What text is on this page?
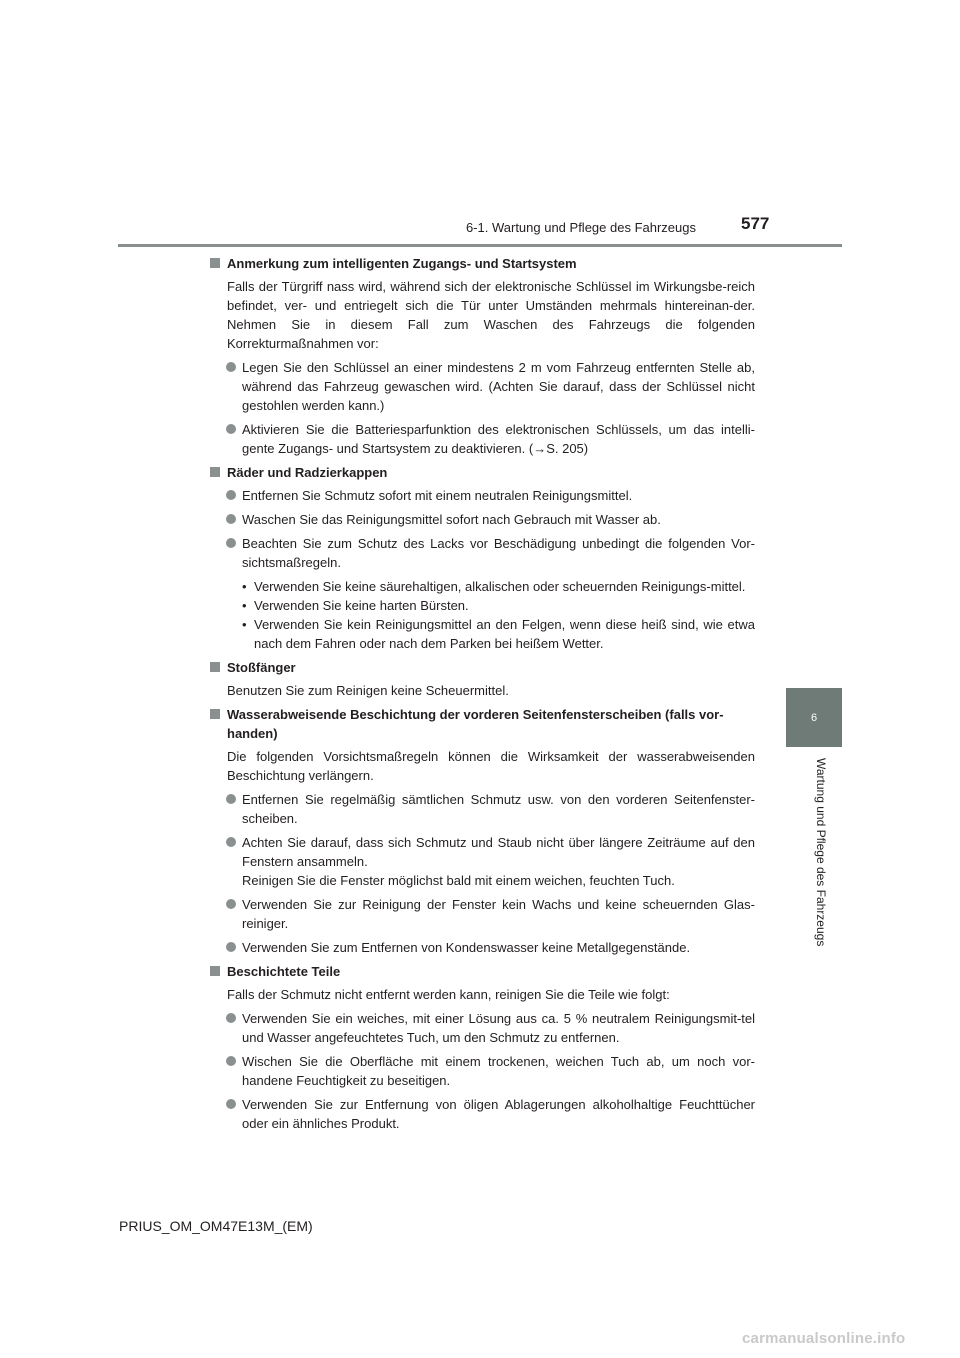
6-1. Wartung und Pflege des Fahrzeugs	577
6
Wartung und Pflege des Fahrzeugs
Anmerkung zum intelligenten Zugangs- und Startsystem
Falls der Türgriff nass wird, während sich der elektronische Schlüssel im Wirkungsbe-reich befindet, ver- und entriegelt sich die Tür unter Umständen mehrmals hintereinan-der. Nehmen Sie in diesem Fall zum Waschen des Fahrzeugs die folgenden Korrekturmaßnahmen vor:
Legen Sie den Schlüssel an einer mindestens 2 m vom Fahrzeug entfernten Stelle ab, während das Fahrzeug gewaschen wird. (Achten Sie darauf, dass der Schlüssel nicht gestohlen werden kann.)
Aktivieren Sie die Batteriesparfunktion des elektronischen Schlüssels, um das intelli-gente Zugangs- und Startsystem zu deaktivieren. (→S. 205)
Räder und Radzierkappen
Entfernen Sie Schmutz sofort mit einem neutralen Reinigungsmittel.
Waschen Sie das Reinigungsmittel sofort nach Gebrauch mit Wasser ab.
Beachten Sie zum Schutz des Lacks vor Beschädigung unbedingt die folgenden Vor-sichtsmaßregeln.
• Verwenden Sie keine säurehaltigen, alkalischen oder scheuernden Reinigungs-mittel.
• Verwenden Sie keine harten Bürsten.
• Verwenden Sie kein Reinigungsmittel an den Felgen, wenn diese heiß sind, wie etwa nach dem Fahren oder nach dem Parken bei heißem Wetter.
Stoßfänger
Benutzen Sie zum Reinigen keine Scheuermittel.
Wasserabweisende Beschichtung der vorderen Seitenfensterscheiben (falls vor-handen)
Die folgenden Vorsichtsmaßregeln können die Wirksamkeit der wasserabweisenden Beschichtung verlängern.
Entfernen Sie regelmäßig sämtlichen Schmutz usw. von den vorderen Seitenfenster-scheiben.
Achten Sie darauf, dass sich Schmutz und Staub nicht über längere Zeiträume auf den Fenstern ansammeln.
Reinigen Sie die Fenster möglichst bald mit einem weichen, feuchten Tuch.
Verwenden Sie zur Reinigung der Fenster kein Wachs und keine scheuernden Glas-reiniger.
Verwenden Sie zum Entfernen von Kondenswasser keine Metallgegenstände.
Beschichtete Teile
Falls der Schmutz nicht entfernt werden kann, reinigen Sie die Teile wie folgt:
Verwenden Sie ein weiches, mit einer Lösung aus ca. 5 % neutralem Reinigungsmit-tel und Wasser angefeuchtetes Tuch, um den Schmutz zu entfernen.
Wischen Sie die Oberfläche mit einem trockenen, weichen Tuch ab, um noch vor-handene Feuchtigkeit zu beseitigen.
Verwenden Sie zur Entfernung von öligen Ablagerungen alkoholhaltige Feuchttücher oder ein ähnliches Produkt.
PRIUS_OM_OM47E13M_(EM)
carmanualsonline.info
